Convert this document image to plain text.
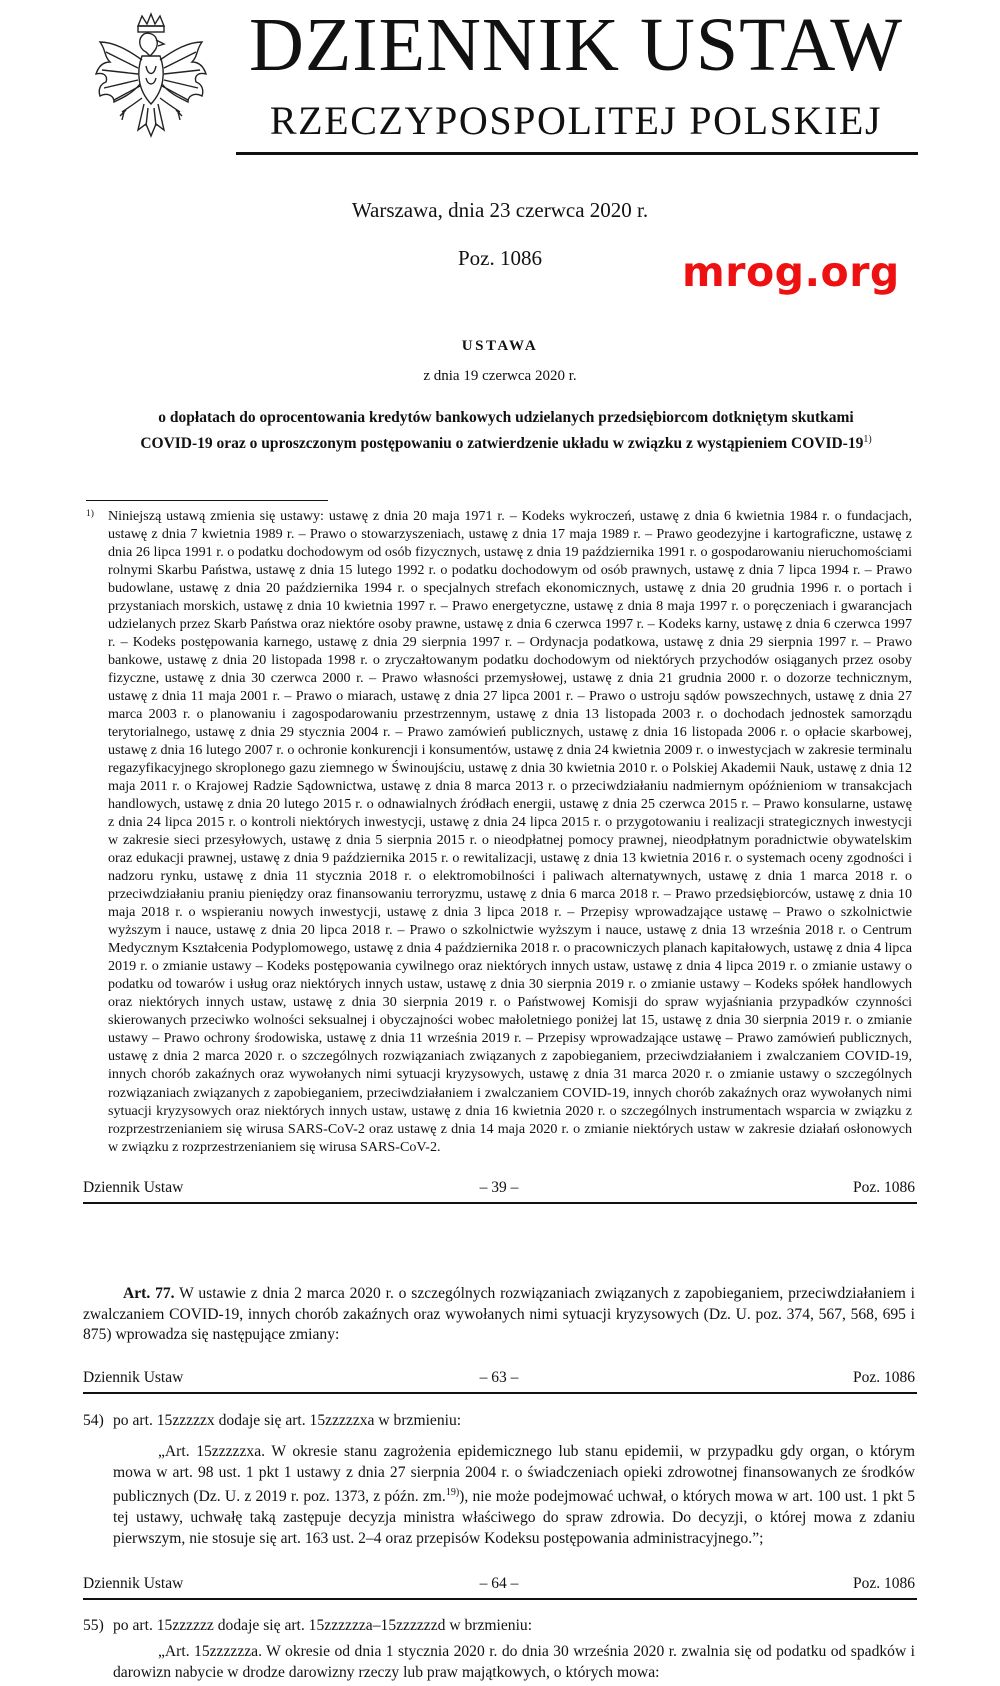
DZIENNIK USTAW
RZECZYPOSPOLITEJ POLSKIEJ
Warszawa, dnia 23 czerwca 2020 r.
Poz. 1086	mrog.org
USTAWA
z dnia 19 czerwca 2020 r.
o dopłatach do oprocentowania kredytów bankowych udzielanych przedsiębiorcom dotkniętym skutkami
COVID-19 oraz o uproszczonym postępowaniu o zatwierdzenie układu w związku z wystąpieniem COVID-19$^{1)}$
1) Niniejszą ustawą zmienia się ustawy: ustawę z dnia 20 maja 1971 r. – Kodeks wykroczeń, ustawę z dnia 6 kwietnia 1984 r. o fundacjach, ustawę z dnia 7 kwietnia 1989 r. – Prawo o stowarzyszeniach, ustawę z dnia 17 maja 1989 r. – Prawo geodezyjne i kartograficzne, ustawę z dnia 26 lipca 1991 r. o podatku dochodowym od osób fizycznych, ustawę z dnia 19 października 1991 r. o gospodarowaniu nieruchomościami rolnymi Skarbu Państwa, ustawę z dnia 15 lutego 1992 r. o podatku dochodowym od osób prawnych, ustawę z dnia 7 lipca 1994 r. – Prawo budowlane, ustawę z dnia 20 października 1994 r. o specjalnych strefach ekonomicznych, ustawę z dnia 20 grudnia 1996 r. o portach i przystaniach morskich, ustawę z dnia 10 kwietnia 1997 r. – Prawo energetyczne, ustawę z dnia 8 maja 1997 r. o poręczeniach i gwarancjach udzielanych przez Skarb Państwa oraz niektóre osoby prawne, ustawę z dnia 6 czerwca 1997 r. – Kodeks karny, ustawę z dnia 6 czerwca 1997 r. – Kodeks postępowania karnego, ustawę z dnia 29 sierpnia 1997 r. – Ordynacja podatkowa, ustawę z dnia 29 sierpnia 1997 r. – Prawo bankowe, ustawę z dnia 20 listopada 1998 r. o zryczałtowanym podatku dochodowym od niektórych przychodów osiąganych przez osoby fizyczne, ustawę z dnia 30 czerwca 2000 r. – Prawo własności przemysłowej, ustawę z dnia 21 grudnia 2000 r. o dozorze technicznym, ustawę z dnia 11 maja 2001 r. – Prawo o miarach, ustawę z dnia 27 lipca 2001 r. – Prawo o ustroju sądów powszechnych, ustawę z dnia 27 marca 2003 r. o planowaniu i zagospodarowaniu przestrzennym, ustawę z dnia 13 listopada 2003 r. o dochodach jednostek samorządu terytorialnego, ustawę z dnia 29 stycznia 2004 r. – Prawo zamówień publicznych, ustawę z dnia 16 listopada 2006 r. o opłacie skarbowej, ustawę z dnia 16 lutego 2007 r. o ochronie konkurencji i konsumentów, ustawę z dnia 24 kwietnia 2009 r. o inwestycjach w zakresie terminalu regazyfikacyjnego skroplonego gazu ziemnego w Świnoujściu, ustawę z dnia 30 kwietnia 2010 r. o Polskiej Akademii Nauk, ustawę z dnia 12 maja 2011 r. o Krajowej Radzie Sądownictwa, ustawę z dnia 8 marca 2013 r. o przeciwdziałaniu nadmiernym opóźnieniom w transakcjach handlowych, ustawę z dnia 20 lutego 2015 r. o odnawialnych źródłach energii, ustawę z dnia 25 czerwca 2015 r. – Prawo konsularne, ustawę z dnia 24 lipca 2015 r. o kontroli niektórych inwestycji, ustawę z dnia 24 lipca 2015 r. o przygotowaniu i realizacji strategicznych inwestycji w zakresie sieci przesyłowych, ustawę z dnia 5 sierpnia 2015 r. o nieodpłatnej pomocy prawnej, nieodpłatnym poradnictwie obywatelskim oraz edukacji prawnej, ustawę z dnia 9 października 2015 r. o rewitalizacji, ustawę z dnia 13 kwietnia 2016 r. o systemach oceny zgodności i nadzoru rynku, ustawę z dnia 11 stycznia 2018 r. o elektromobilności i paliwach alternatywnych, ustawę z dnia 1 marca 2018 r. o przeciwdziałaniu praniu pieniędzy oraz finansowaniu terroryzmu, ustawę z dnia 6 marca 2018 r. – Prawo przedsiębiorców, ustawę z dnia 10 maja 2018 r. o wspieraniu nowych inwestycji, ustawę z dnia 3 lipca 2018 r. – Przepisy wprowadzające ustawę – Prawo o szkolnictwie wyższym i nauce, ustawę z dnia 20 lipca 2018 r. – Prawo o szkolnictwie wyższym i nauce, ustawę z dnia 13 września 2018 r. o Centrum Medycznym Kształcenia Podyplomowego, ustawę z dnia 4 października 2018 r. o pracowniczych planach kapitałowych, ustawę z dnia 4 lipca 2019 r. o zmianie ustawy – Kodeks postępowania cywilnego oraz niektórych innych ustaw, ustawę z dnia 4 lipca 2019 r. o zmianie ustawy o podatku od towarów i usług oraz niektórych innych ustaw, ustawę z dnia 30 sierpnia 2019 r. o zmianie ustawy – Kodeks spółek handlowych oraz niektórych innych ustaw, ustawę z dnia 30 sierpnia 2019 r. o Państwowej Komisji do spraw wyjaśniania przypadków czynności skierowanych przeciwko wolności seksualnej i obyczajności wobec małoletniego poniżej lat 15, ustawę z dnia 30 sierpnia 2019 r. o zmianie ustawy – Prawo ochrony środowiska, ustawę z dnia 11 września 2019 r. – Przepisy wprowadzające ustawę – Prawo zamówień publicznych, ustawę z dnia 2 marca 2020 r. o szczególnych rozwiązaniach związanych z zapobieganiem, przeciwdziałaniem i zwalczaniem COVID-19, innych chorób zakaźnych oraz wywołanych nimi sytuacji kryzysowych, ustawę z dnia 31 marca 2020 r. o zmianie ustawy o szczególnych rozwiązaniach związanych z zapobieganiem, przeciwdziałaniem i zwalczaniem COVID-19, innych chorób zakaźnych oraz wywołanych nimi sytuacji kryzysowych oraz niektórych innych ustaw, ustawę z dnia 16 kwietnia 2020 r. o szczególnych instrumentach wsparcia w związku z rozprzestrzenianiem się wirusa SARS-CoV-2 oraz ustawę z dnia 14 maja 2020 r. o zmianie niektórych ustaw w zakresie działań osłonowych w związku z rozprzestrzenianiem się wirusa SARS-CoV-2.
Dziennik Ustaw	– 39 –	Poz. 1086
Art. 77. W ustawie z dnia 2 marca 2020 r. o szczególnych rozwiązaniach związanych z zapobieganiem, przeciwdziałaniem i zwalczaniem COVID-19, innych chorób zakaźnych oraz wywołanych nimi sytuacji kryzysowych (Dz. U. poz. 374, 567, 568, 695 i 875) wprowadza się następujące zmiany:
Dziennik Ustaw	– 63 –	Poz. 1086
54) po art. 15zzzzzx dodaje się art. 15zzzzzxa w brzmieniu:
„Art. 15zzzzzxa. W okresie stanu zagrożenia epidemicznego lub stanu epidemii, w przypadku gdy organ, o którym mowa w art. 98 ust. 1 pkt 1 ustawy z dnia 27 sierpnia 2004 r. o świadczeniach opieki zdrowotnej finansowanych ze środków publicznych (Dz. U. z 2019 r. poz. 1373, z późn. zm.$^{19)}$), nie może podejmować uchwał, o których mowa w art. 100 ust. 1 pkt 5 tej ustawy, uchwałę taką zastępuje decyzja ministra właściwego do spraw zdrowia. Do decyzji, o której mowa z zdaniu pierwszym, nie stosuje się art. 163 ust. 2–4 oraz przepisów Kodeksu postępowania administracyjnego.”;
Dziennik Ustaw	– 64 –	Poz. 1086
55) po art. 15zzzzzz dodaje się art. 15zzzzzza–15zzzzzzd w brzmieniu:
„Art. 15zzzzzza. W okresie od dnia 1 stycznia 2020 r. do dnia 30 września 2020 r. zwalnia się od podatku od spadków i darowizn nabycie w drodze darowizny rzeczy lub praw majątkowych, o których mowa:
